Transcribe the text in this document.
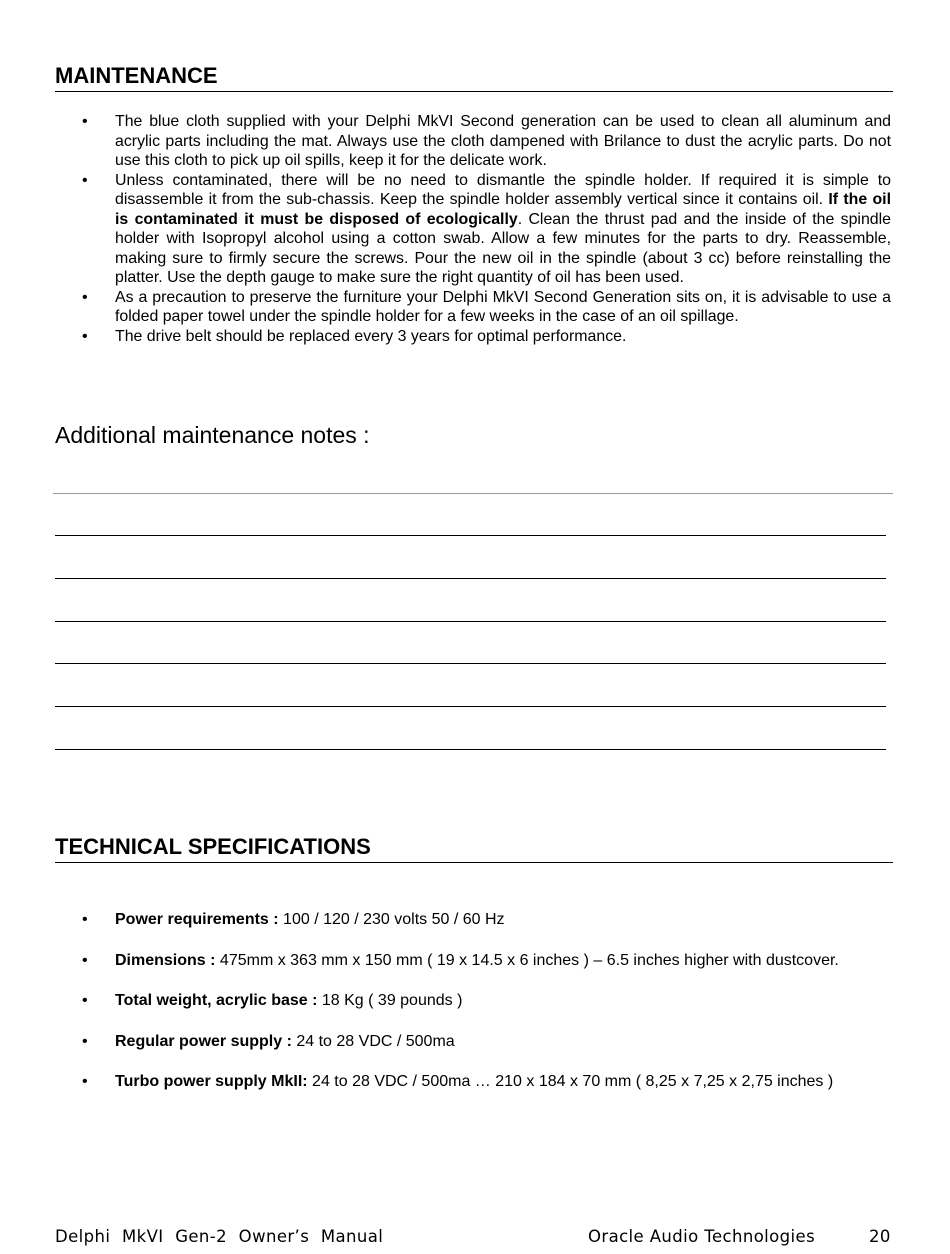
MAINTENANCE
• The blue cloth supplied with your Delphi MkVI Second generation can be used to clean all aluminum and acrylic parts including the mat. Always use the cloth dampened with Brilance to dust the acrylic parts. Do not use this cloth to pick up oil spills, keep it for the delicate work.
• Unless contaminated, there will be no need to dismantle the spindle holder. If required it is simple to disassemble it from the sub-chassis. Keep the spindle holder assembly vertical since it contains oil. If the oil is contaminated it must be disposed of ecologically. Clean the thrust pad and the inside of the spindle holder with Isopropyl alcohol using a cotton swab. Allow a few minutes for the parts to dry. Reassemble, making sure to firmly secure the screws. Pour the new oil in the spindle (about 3 cc) before reinstalling the platter. Use the depth gauge to make sure the right quantity of oil has been used.
• As a precaution to preserve the furniture your Delphi MkVI Second Generation sits on, it is advisable to use a folded paper towel under the spindle holder for a few weeks in the case of an oil spillage.
• The drive belt should be replaced every 3 years for optimal performance.
Additional maintenance notes :
TECHNICAL SPECIFICATIONS
• Power requirements : 100 / 120 / 230 volts 50 / 60 Hz
• Dimensions : 475mm x 363 mm x 150 mm ( 19 x 14.5 x 6 inches ) – 6.5 inches higher with dustcover.
• Total weight, acrylic base : 18 Kg ( 39 pounds )
• Regular power supply : 24 to 28 VDC / 500ma
• Turbo power supply MkII: 24 to 28 VDC / 500ma … 210 x 184 x 70 mm ( 8,25 x 7,25 x 2,75 inches )
Delphi MkVI Gen-2 Owner’s Manual	Oracle Audio Technologies	20
